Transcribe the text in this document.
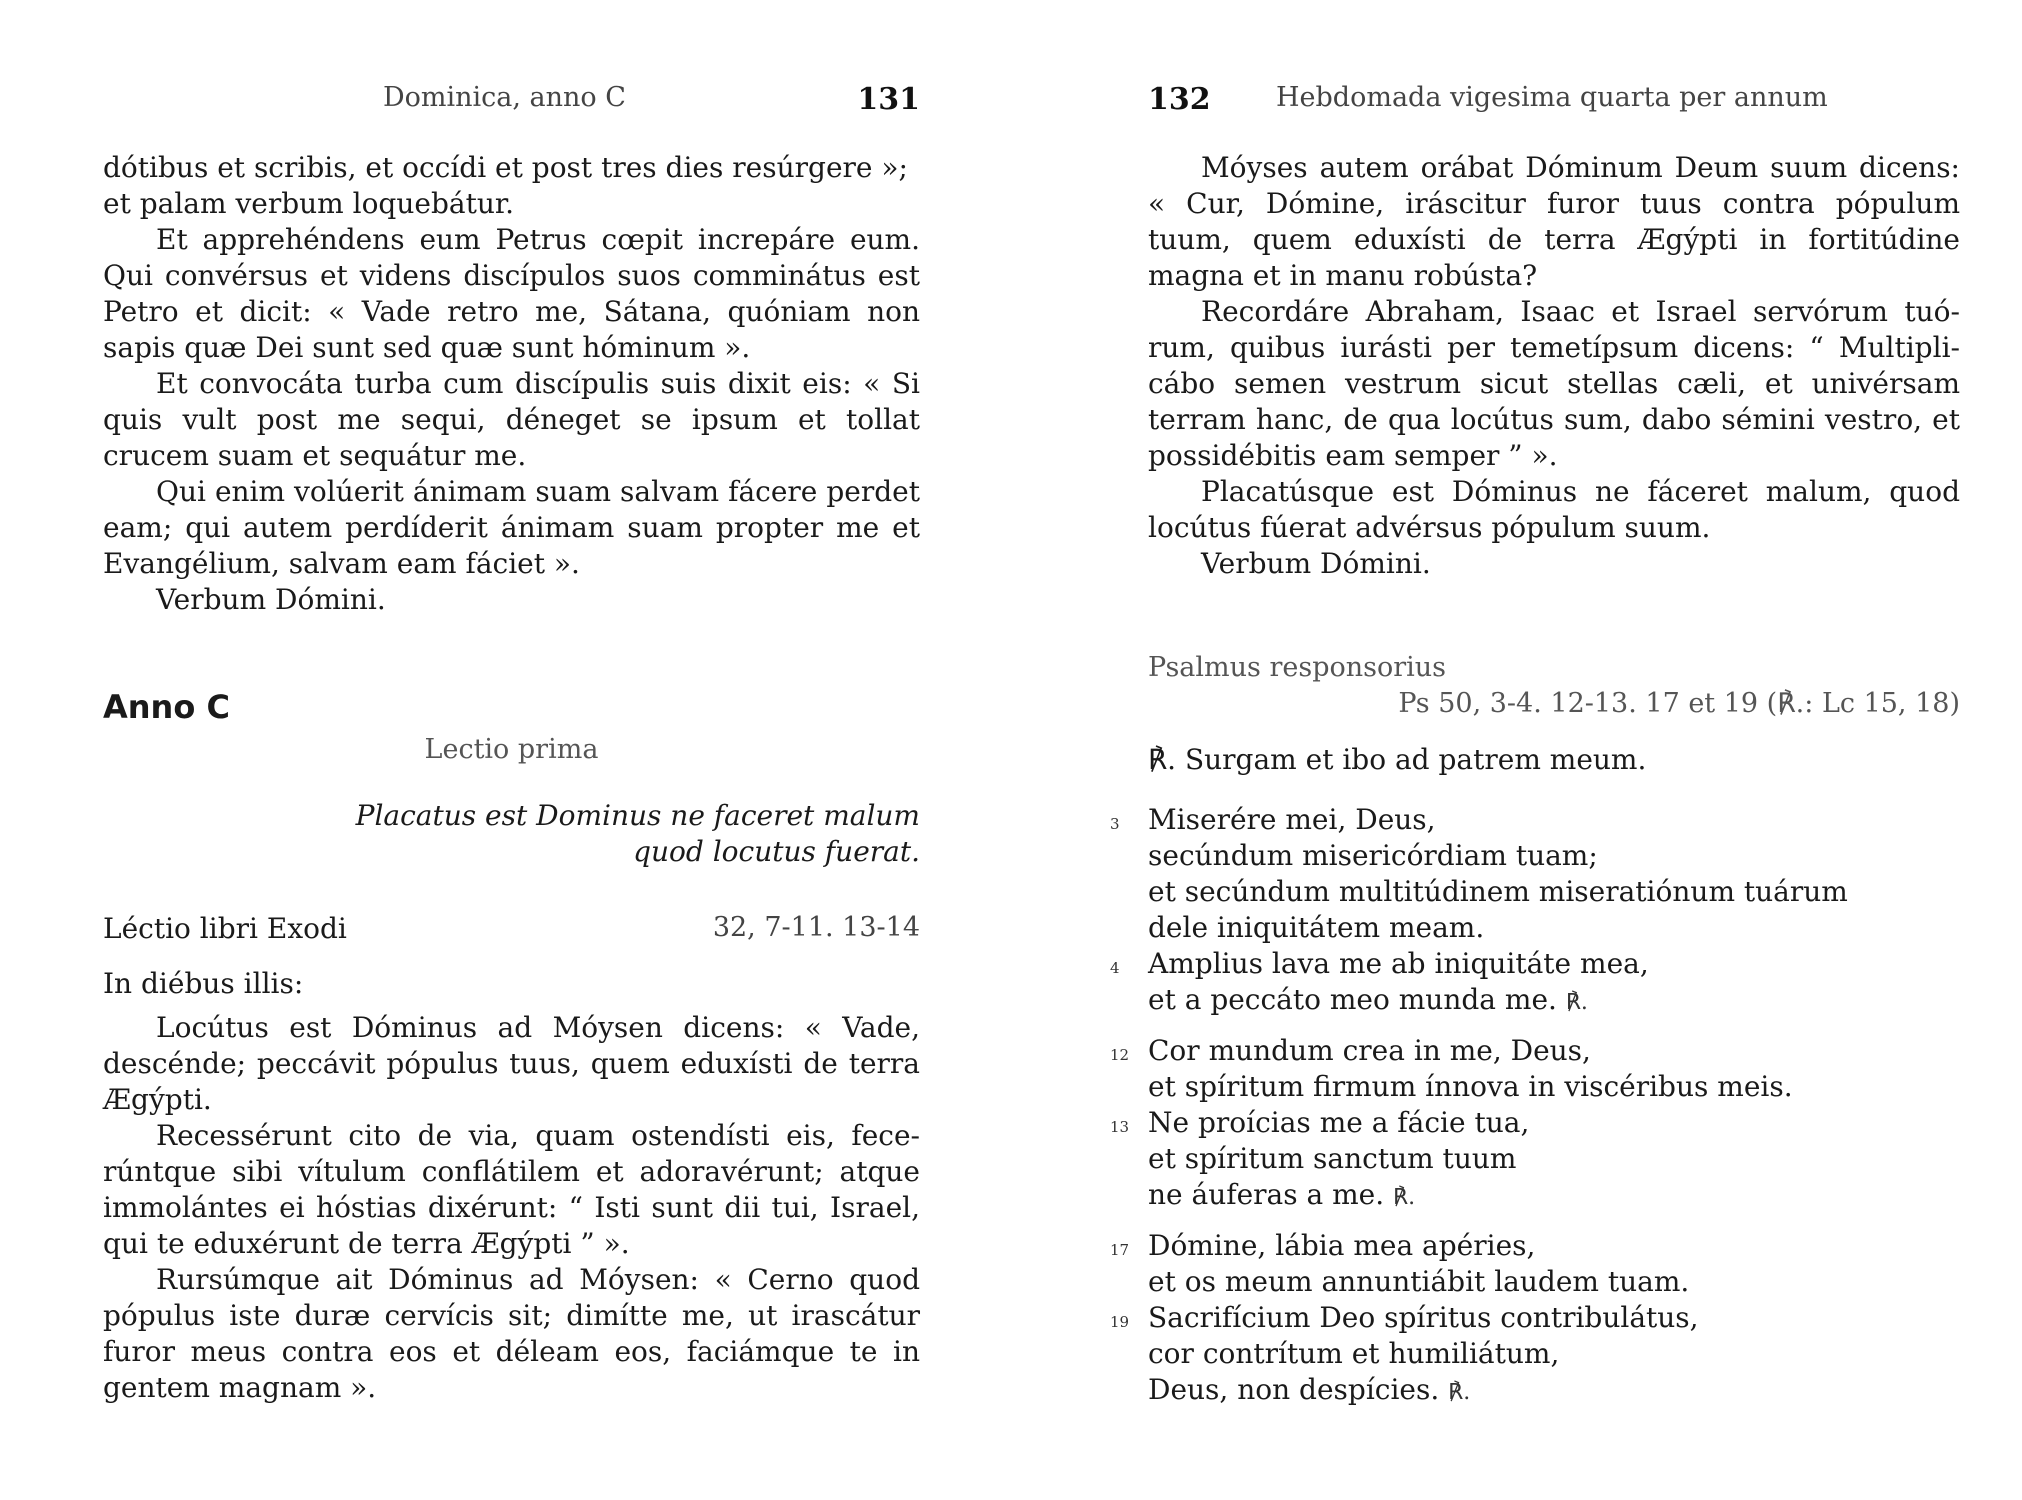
Dominica, anno C	131

dótibus et scribis, et occídi et post tres dies resúrgere »;

et palam verbum loquebátur.

Et apprehéndens eum Petrus cœpit increpáre eum. Qui convérsus et videns discípulos suos comminátus est Petro et dicit: « Vade retro me, Sátana, quóniam non sapis quæ Dei sunt sed quæ sunt hóminum ».

Et convocáta turba cum discípulis suis dixit eis: « Si quis vult post me sequi, déneget se ipsum et tollat crucem suam et sequátur me.

Qui enim volúerit ánimam suam salvam fácere perdet eam; qui autem perdíderit ánimam suam propter me et Evangélium, salvam eam fáciet ».

Verbum Dómini.

Anno C

Lectio prima
Placatus est Dominus ne faceret malum
quod locutus fuerat.
Léctio libri Exodi	32, 7-11. 13-14

In diébus illis:

Locútus est Dóminus ad Móysen dicens: « Vade, descénde; peccávit pópulus tuus, quem eduxísti de terra Ægýpti.

Recessérunt cito de via, quam ostendísti eis, fecerúntque sibi vítulum conflátilem et adoravérunt; atque immolántes ei hóstias dixérunt: “ Isti sunt dii tui, Israel, qui te eduxérunt de terra Ægýpti ” ».

Rursúmque ait Dóminus ad Móysen: « Cerno quod pópulus iste duræ cervícis sit; dimítte me, ut irascátur furor meus contra eos et déleam eos, faciámque te in gentem magnam ».

132 Hebdomada vigesima quarta per annum

Móyses autem orábat Dóminum Deum suum dicens: « Cur, Dómine, iráscitur furor tuus contra pópulum tuum, quem eduxísti de terra Ægýpti in fortitúdine magna et in manu robústa?

Recordáre Abraham, Isaac et Israel servórum tuórum, quibus iurásti per temetípsum dicens: “ Multiplicábo semen vestrum sicut stellas cæli, et univérsam terram hanc, de qua locútus sum, dabo sémini vestro, et possidébitis eam semper ” ».

Placatúsque est Dóminus ne fáceret malum, quod locútus fúerat advérsus pópulum suum.

Verbum Dómini.

Psalmus responsorius
Ps 50, 3-4. 12-13. 17 et 19 (℟.: Lc 15, 18)
℟. Surgam et ibo ad patrem meum.
3 Miserére mei, Deus,
secúndum misericórdiam tuam;
et secúndum multitúdinem miseratiónum tuárum
dele iniquitátem meam.
4 Amplius lava me ab iniquitáte mea,
et a peccáto meo munda me. ℟.
12 Cor mundum crea in me, Deus,
et spíritum firmum ínnova in viscéribus meis.
13 Ne proícias me a fácie tua,
et spíritum sanctum tuum
ne áuferas a me. ℟.
17 Dómine, lábia mea apéries,
et os meum annuntiábit laudem tuam.
19 Sacrifícium Deo spíritus contribulátus,
cor contrítum et humiliátum,
Deus, non despícies. ℟.
